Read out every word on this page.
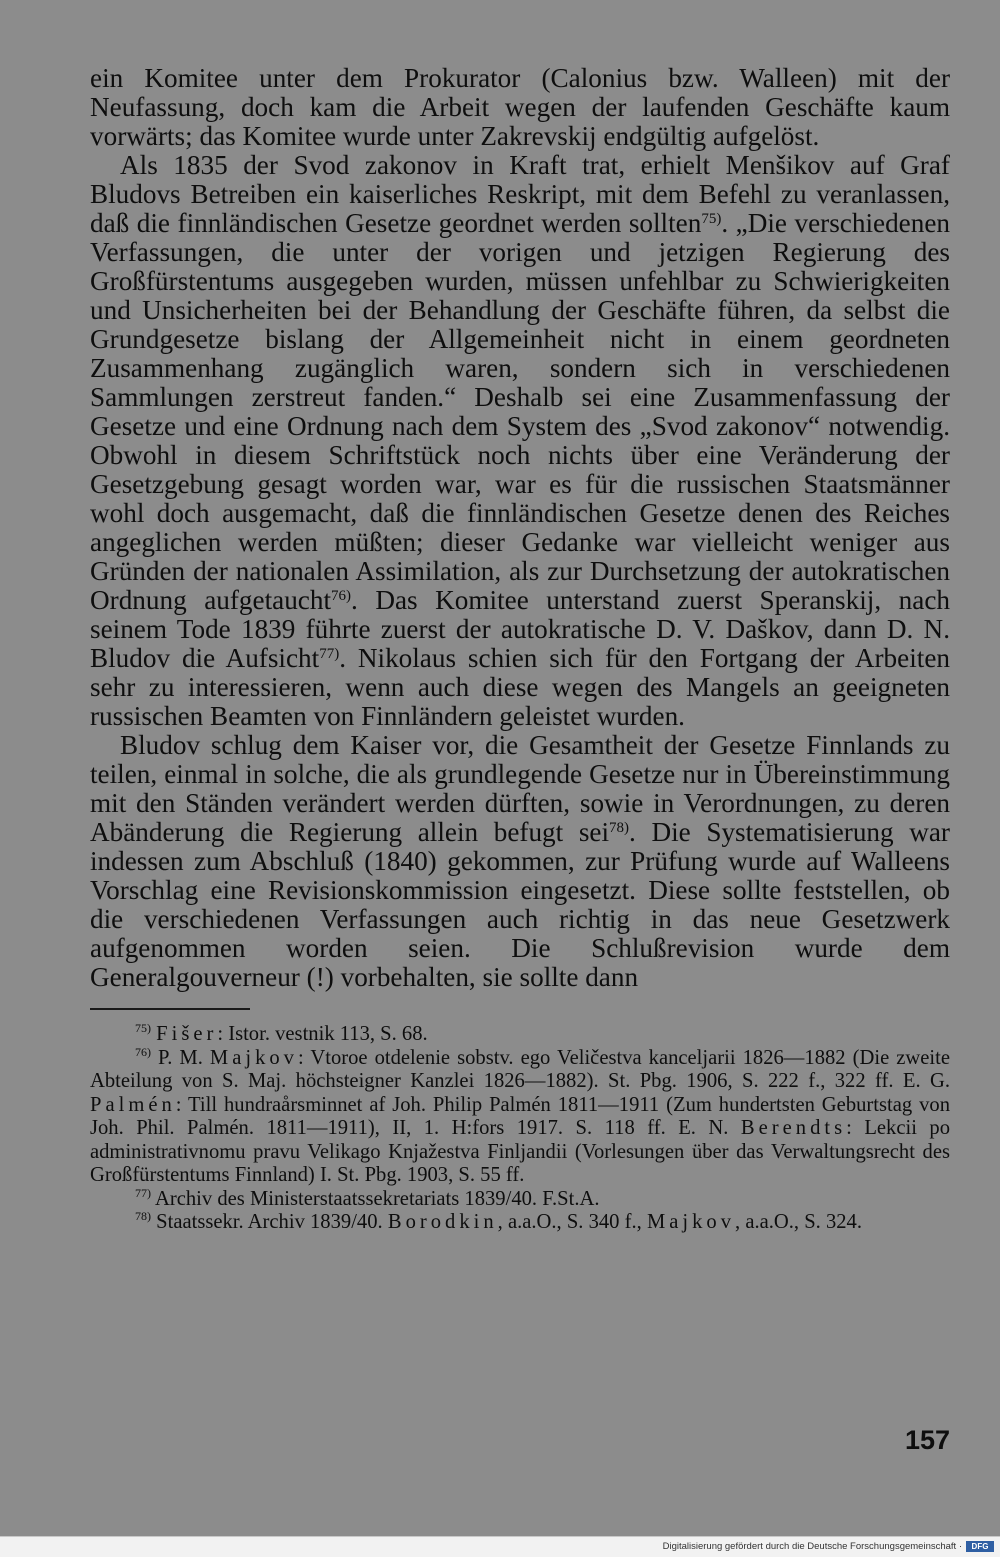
ein Komitee unter dem Prokurator (Calonius bzw. Walleen) mit der Neufassung, doch kam die Arbeit wegen der laufenden Geschäfte kaum vorwärts; das Komitee wurde unter Zakrevskij endgültig aufgelöst.

Als 1835 der Svod zakonov in Kraft trat, erhielt Menšikov auf Graf Bludovs Betreiben ein kaiserliches Reskript, mit dem Befehl zu veranlassen, daß die finnländischen Gesetze geordnet werden sollten$^{75)}$. „Die verschiedenen Verfassungen, die unter der vorigen und jetzigen Regierung des Großfürstentums ausgegeben wurden, müssen unfehlbar zu Schwierigkeiten und Unsicherheiten bei der Behandlung der Geschäfte führen, da selbst die Grundgesetze bislang der Allgemeinheit nicht in einem geordneten Zusammenhang zugänglich waren, sondern sich in verschiedenen Sammlungen zerstreut fanden.“ Deshalb sei eine Zusammenfassung der Gesetze und eine Ordnung nach dem System des „Svod zakonov“ notwendig. Obwohl in diesem Schriftstück noch nichts über eine Veränderung der Gesetzgebung gesagt worden war, war es für die russischen Staatsmänner wohl doch ausgemacht, daß die finnländischen Gesetze denen des Reiches angeglichen werden müßten; dieser Gedanke war vielleicht weniger aus Gründen der nationalen Assimilation, als zur Durchsetzung der autokratischen Ordnung aufgetaucht$^{76)}$. Das Komitee unterstand zuerst Speranskij, nach seinem Tode 1839 führte zuerst der autokratische D. V. Daškov, dann D. N. Bludov die Aufsicht$^{77)}$. Nikolaus schien sich für den Fortgang der Arbeiten sehr zu interessieren, wenn auch diese wegen des Mangels an geeigneten russischen Beamten von Finnländern geleistet wurden.

Bludov schlug dem Kaiser vor, die Gesamtheit der Gesetze Finnlands zu teilen, einmal in solche, die als grundlegende Gesetze nur in Übereinstimmung mit den Ständen verändert werden dürften, sowie in Verordnungen, zu deren Abänderung die Regierung allein befugt sei$^{78)}$. Die Systematisierung war indessen zum Abschluß (1840) gekommen, zur Prüfung wurde auf Walleens Vorschlag eine Revisionskommission eingesetzt. Diese sollte feststellen, ob die verschiedenen Verfassungen auch richtig in das neue Gesetzwerk aufgenommen worden seien. Die Schlußrevision wurde dem Generalgouverneur (!) vorbehalten, sie sollte dann

$^{75)}$ Fišer: Istor. vestnik 113, S. 68.

$^{76)}$ P. M. Majkov: Vtoroe otdelenie sobstv. ego Veličestva kanceljarii 1826—1882 (Die zweite Abteilung von S. Maj. höchsteigner Kanzlei 1826—1882). St. Pbg. 1906, S. 222 f., 322 ff. E. G. Palmén: Till hundraårsminnet af Joh. Philip Palmén 1811—1911 (Zum hundertsten Geburtstag von Joh. Phil. Palmén. 1811—1911), II, 1. H:fors 1917. S. 118 ff. E. N. Berendts: Lekcii po administrativnomu pravu Velikago Knjažestva Finljandii (Vorlesungen über das Verwaltungsrecht des Großfürstentums Finnland) I. St. Pbg. 1903, S. 55 ff.

$^{77)}$ Archiv des Ministerstaatssekretariats 1839/40. F.St.A.

$^{78)}$ Staatssekr. Archiv 1839/40. Borodkin, a.a.O., S. 340 f., Majkov, a.a.O., S. 324.

157
Digitalisierung gefördert durch die Deutsche Forschungsgemeinschaft ·	DFG
